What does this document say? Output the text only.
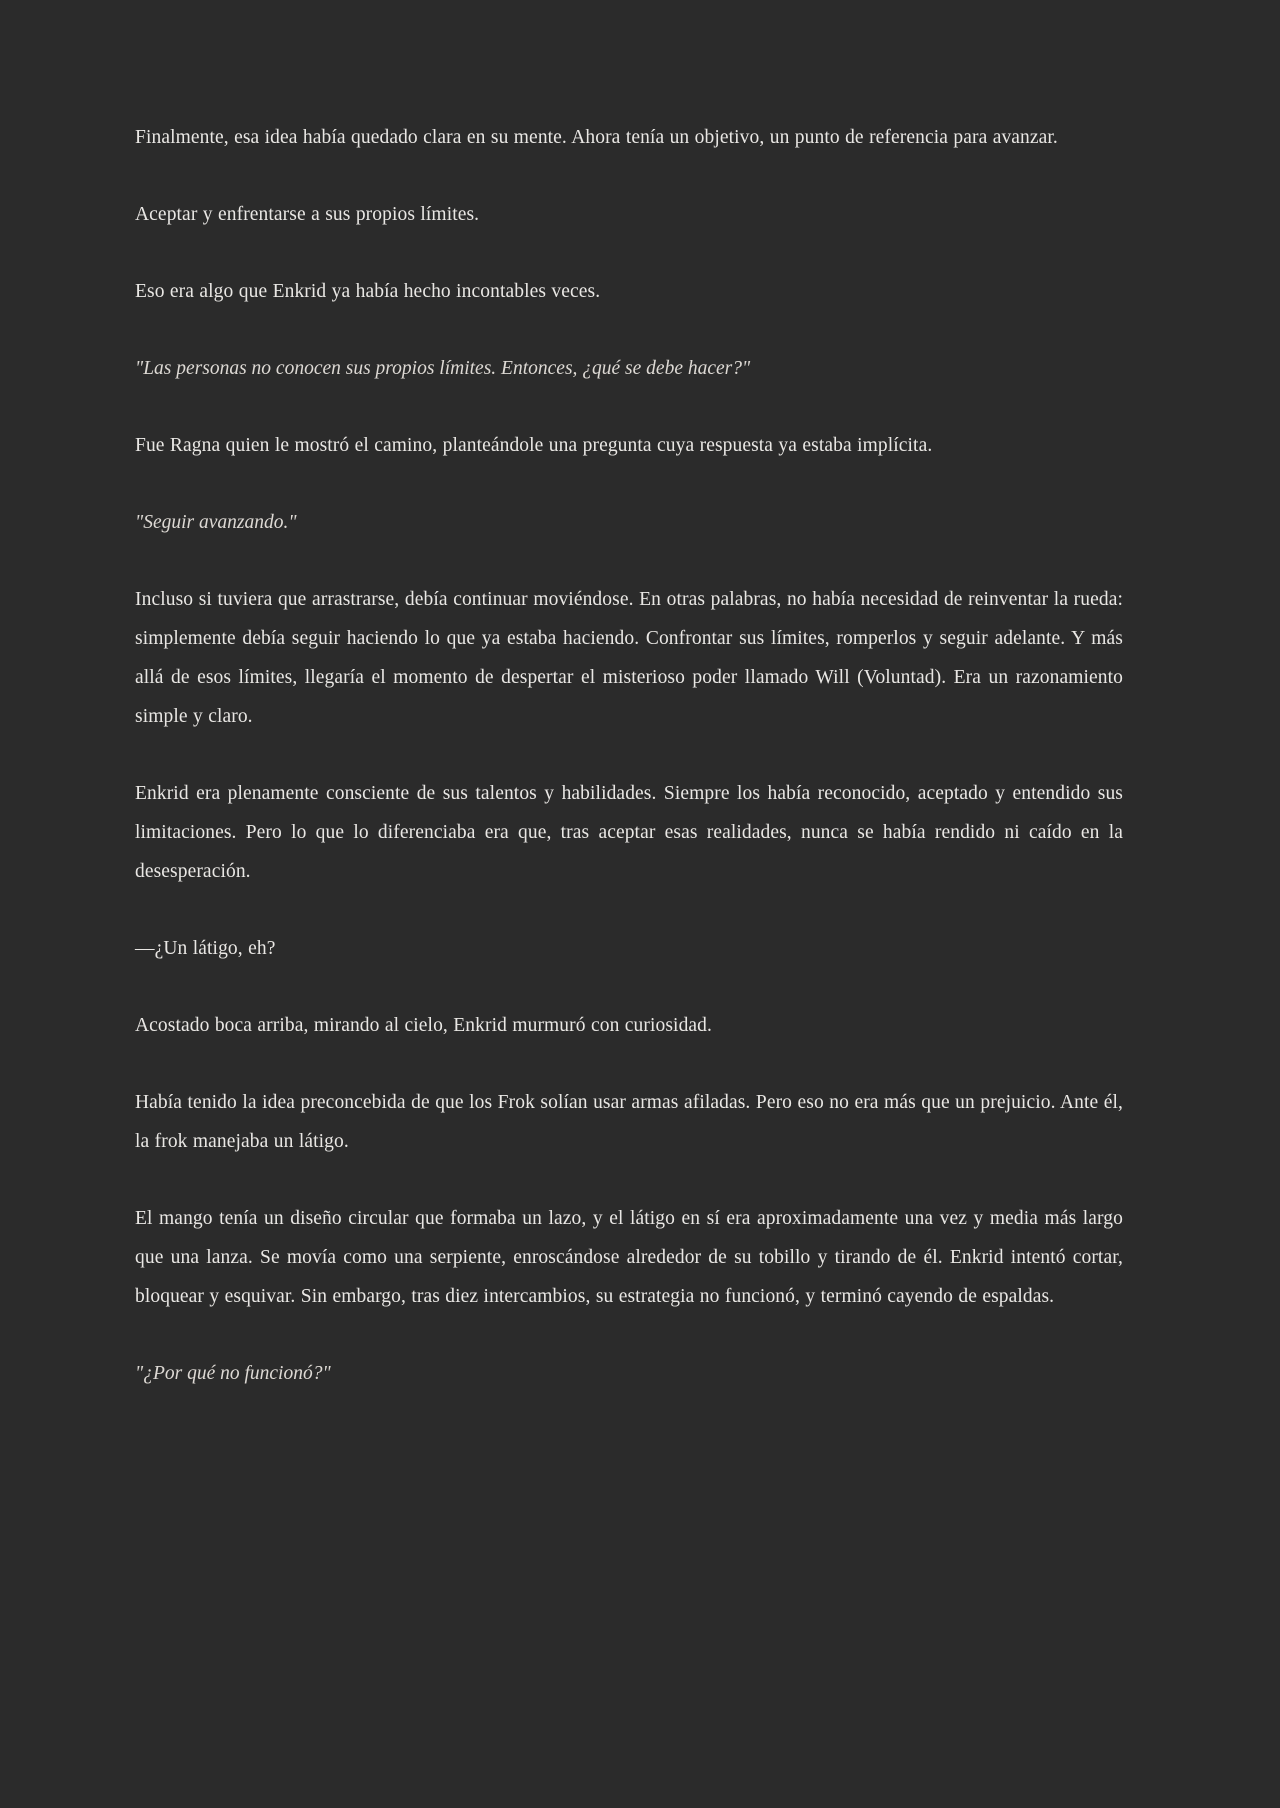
Finalmente, esa idea había quedado clara en su mente. Ahora tenía un objetivo, un punto de referencia para avanzar.

Aceptar y enfrentarse a sus propios límites.

Eso era algo que Enkrid ya había hecho incontables veces.

"Las personas no conocen sus propios límites. Entonces, ¿qué se debe hacer?"

Fue Ragna quien le mostró el camino, planteándole una pregunta cuya respuesta ya estaba implícita.

"Seguir avanzando."

Incluso si tuviera que arrastrarse, debía continuar moviéndose. En otras palabras, no había necesidad de reinventar la rueda: simplemente debía seguir haciendo lo que ya estaba haciendo. Confrontar sus límites, romperlos y seguir adelante. Y más allá de esos límites, llegaría el momento de despertar el misterioso poder llamado Will (Voluntad). Era un razonamiento simple y claro.

Enkrid era plenamente consciente de sus talentos y habilidades. Siempre los había reconocido, aceptado y entendido sus limitaciones. Pero lo que lo diferenciaba era que, tras aceptar esas realidades, nunca se había rendido ni caído en la desesperación.

—¿Un látigo, eh?

Acostado boca arriba, mirando al cielo, Enkrid murmuró con curiosidad.

Había tenido la idea preconcebida de que los Frok solían usar armas afiladas. Pero eso no era más que un prejuicio. Ante él, la frok manejaba un látigo.

El mango tenía un diseño circular que formaba un lazo, y el látigo en sí era aproximadamente una vez y media más largo que una lanza. Se movía como una serpiente, enroscándose alrededor de su tobillo y tirando de él. Enkrid intentó cortar, bloquear y esquivar. Sin embargo, tras diez intercambios, su estrategia no funcionó, y terminó cayendo de espaldas.

"¿Por qué no funcionó?"
